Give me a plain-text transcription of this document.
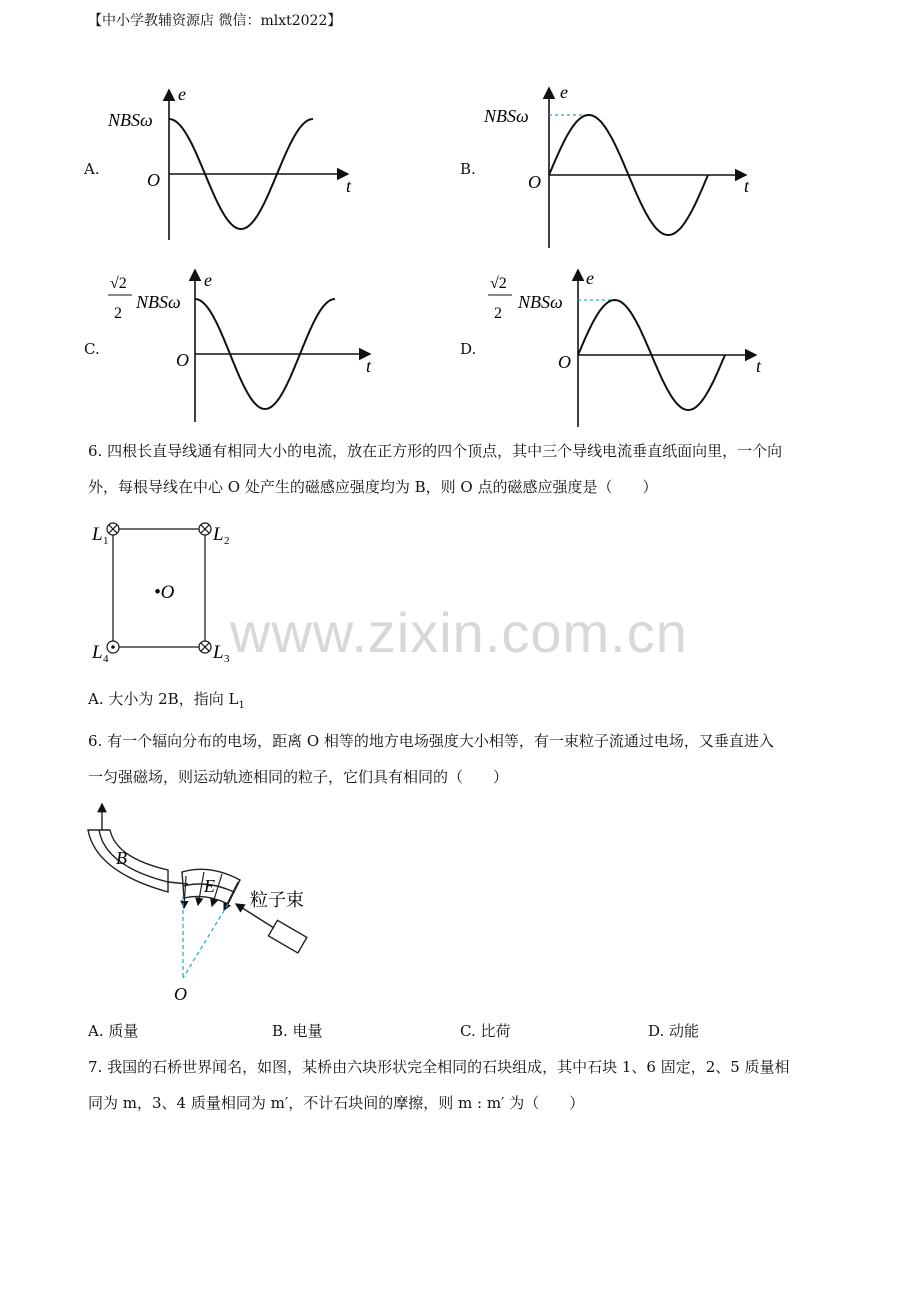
【中小学教辅资源店 微信：mlxt2022】
A.
e
t
O
NBSω
B.
e
t
O
NBSω
C.
e
t
O
√2
2
NBSω
D.
e
t
O
√2
2
NBSω
6. 四根长直导线通有相同大小的电流，放在正方形的四个顶点，其中三个导线电流垂直纸面向里，一个向
外，每根导线在中心 O 处产生的磁感应强度均为 B，则 O 点的磁感应强度是（　　）
L 1	L 2
L 3
L 4
•O
A. 大小为 2B，指向 $L_1$
6. 有一个辐向分布的电场，距离 O 相等的地方电场强度大小相等，有一束粒子流通过电场，又垂直进入
一匀强磁场，则运动轨迹相同的粒子，它们具有相同的（　　）
B
E
粒子束
O
A. 质量	B. 电量	C. 比荷	D. 动能
7. 我国的石桥世界闻名，如图，某桥由六块形状完全相同的石块组成，其中石块 1、6 固定，2、5 质量相
同为 m，3、4 质量相同为 m′，不计石块间的摩擦，则 m : m′ 为（　　）
www.zixin.com.cn
